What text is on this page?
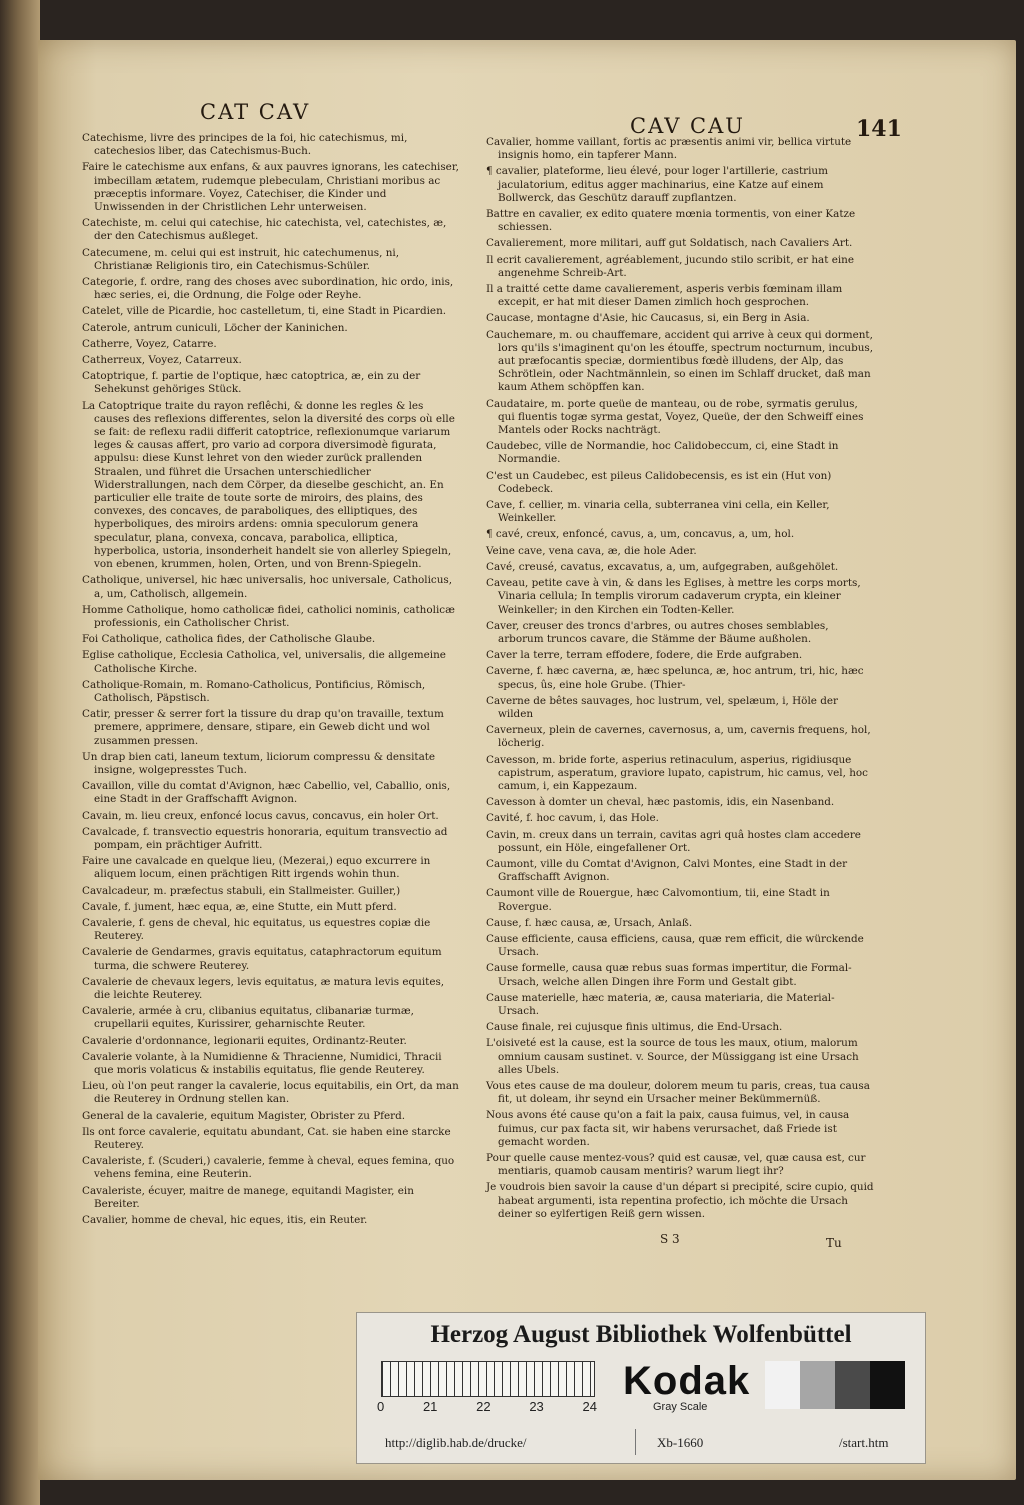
CAT CAV
CAV CAU	141

Catechisme, livre des principes de la foi, hic catechismus, mi, catechesios liber, das Catechismus-Buch.

Faire le catechisme aux enfans, & aux pauvres ignorans, les catechiser, imbecillam ætatem, rudemque plebeculam, Christiani moribus ac præceptis informare. Voyez, Catechiser, die Kinder und Unwissenden in der Christlichen Lehr unterweisen.

Catechiste, m. celui qui catechise, hic catechista, vel, catechistes, æ, der den Catechismus außleget.

Catecumene, m. celui qui est instruit, hic catechumenus, ni, Christianæ Religionis tiro, ein Catechismus-Schüler.

Categorie, f. ordre, rang des choses avec subordination, hic ordo, inis, hæc series, ei, die Ordnung, die Folge oder Reyhe.

Catelet, ville de Picardie, hoc castelletum, ti, eine Stadt in Picardien.

Caterole, antrum cuniculi, Löcher der Kaninichen.

Catherre, Voyez, Catarre.

Catherreux, Voyez, Catarreux.

Catoptrique, f. partie de l'optique, hæc catoptrica, æ, ein zu der Sehekunst gehöriges Stück.

La Catoptrique traite du rayon reflêchi, & donne les regles & les causes des reflexions differentes, selon la diversité des corps où elle se fait: de reflexu radii differit catoptrice, reflexionumque variarum leges & causas affert, pro vario ad corpora diversimodè figurata, appulsu: diese Kunst lehret von den wieder zurück prallenden Straalen, und führet die Ursachen unterschiedlicher Widerstrallungen, nach dem Cörper, da dieselbe geschicht, an. En particulier elle traite de toute sorte de miroirs, des plains, des convexes, des concaves, de paraboliques, des elliptiques, des hyperboliques, des miroirs ardens: omnia speculorum genera speculatur, plana, convexa, concava, parabolica, elliptica, hyperbolica, ustoria, insonderheit handelt sie von allerley Spiegeln, von ebenen, krummen, holen, Orten, und von Brenn-Spiegeln.

Catholique, universel, hic hæc universalis, hoc universale, Catholicus, a, um, Catholisch, allgemein.

Homme Catholique, homo catholicæ fidei, catholici nominis, catholicæ professionis, ein Catholischer Christ.

Foi Catholique, catholica fides, der Catholische Glaube.

Eglise catholique, Ecclesia Catholica, vel, universalis, die allgemeine Catholische Kirche.

Catholique-Romain, m. Romano-Catholicus, Pontificius, Römisch, Catholisch, Päpstisch.

Catir, presser & serrer fort la tissure du drap qu'on travaille, textum premere, apprimere, densare, stipare, ein Geweb dicht und wol zusammen pressen.

Un drap bien cati, laneum textum, liciorum compressu & densitate insigne, wolgepresstes Tuch.

Cavaillon, ville du comtat d'Avignon, hæc Cabellio, vel, Caballio, onis, eine Stadt in der Graffschafft Avignon.

Cavain, m. lieu creux, enfoncé locus cavus, concavus, ein holer Ort.

Cavalcade, f. transvectio equestris honoraria, equitum transvectio ad pompam, ein prächtiger Aufritt.

Faire une cavalcade en quelque lieu, (Mezerai,) equo excurrere in aliquem locum, einen prächtigen Ritt irgends wohin thun.

Cavalcadeur, m. præfectus stabuli, ein Stallmeister. Guiller,)

Cavale, f. jument, hæc equa, æ, eine Stutte, ein Mutt pferd.

Cavalerie, f. gens de cheval, hic equitatus, us equestres copiæ die Reuterey.

Cavalerie de Gendarmes, gravis equitatus, cataphractorum equitum turma, die schwere Reuterey.

Cavalerie de chevaux legers, levis equitatus, æ matura levis equites, die leichte Reuterey.

Cavalerie, armée à cru, clibanius equitatus, clibanariæ turmæ, crupellarii equites, Kurissirer, geharnischte Reuter.

Cavalerie d'ordonnance, legionarii equites, Ordinantz-Reuter.

Cavalerie volante, à la Numidienne & Thracienne, Numidici, Thracii que moris volaticus & instabilis equitatus, flie gende Reuterey.

Lieu, où l'on peut ranger la cavalerie, locus equitabilis, ein Ort, da man die Reuterey in Ordnung stellen kan.

General de la cavalerie, equitum Magister, Obrister zu Pferd.

Ils ont force cavalerie, equitatu abundant, Cat. sie haben eine starcke Reuterey.

Cavaleriste, f. (Scuderi,) cavalerie, femme à cheval, eques femina, quo vehens femina, eine Reuterin.

Cavaleriste, écuyer, maitre de manege, equitandi Magister, ein Bereiter.

Cavalier, homme de cheval, hic eques, itis, ein Reuter.

Cavalier, homme vaillant, fortis ac præsentis animi vir, bellica virtute insignis homo, ein tapferer Mann.

¶ cavalier, plateforme, lieu élevé, pour loger l'artillerie, castrium jaculatorium, editus agger machinarius, eine Katze auf einem Bollwerck, das Geschütz darauff zupflantzen.

Battre en cavalier, ex edito quatere mœnia tormentis, von einer Katze schiessen.

Cavalierement, more militari, auff gut Soldatisch, nach Cavaliers Art.

Il ecrit cavalierement, agréablement, jucundo stilo scribit, er hat eine angenehme Schreib-Art.

Il a traitté cette dame cavalierement, asperis verbis fœminam illam excepit, er hat mit dieser Damen zimlich hoch gesprochen.

Caucase, montagne d'Asie, hic Caucasus, si, ein Berg in Asia.

Cauchemare, m. ou chauffemare, accident qui arrive à ceux qui dorment, lors qu'ils s'imaginent qu'on les étouffe, spectrum nocturnum, incubus, aut præfocantis speciæ, dormientibus fœdè illudens, der Alp, das Schrötlein, oder Nachtmännlein, so einen im Schlaff drucket, daß man kaum Athem schöpffen kan.

Caudataire, m. porte queüe de manteau, ou de robe, syrmatis gerulus, qui fluentis togæ syrma gestat, Voyez, Queüe, der den Schweiff eines Mantels oder Rocks nachträgt.

Caudebec, ville de Normandie, hoc Calidobeccum, ci, eine Stadt in Normandie.

C'est un Caudebec, est pileus Calidobecensis, es ist ein (Hut von) Codebeck.

Cave, f. cellier, m. vinaria cella, subterranea vini cella, ein Keller, Weinkeller.

¶ cavé, creux, enfoncé, cavus, a, um, concavus, a, um, hol.

Veine cave, vena cava, æ, die hole Ader.

Cavé, creusé, cavatus, excavatus, a, um, aufgegraben, außgehölet.

Caveau, petite cave à vin, & dans les Eglises, à mettre les corps morts, Vinaria cellula; In templis virorum cadaverum crypta, ein kleiner Weinkeller; in den Kirchen ein Todten-Keller.

Caver, creuser des troncs d'arbres, ou autres choses semblables, arborum truncos cavare, die Stämme der Bäume außholen.

Caver la terre, terram effodere, fodere, die Erde aufgraben.

Caverne, f. hæc caverna, æ, hæc spelunca, æ, hoc antrum, tri, hic, hæc specus, ûs, eine hole Grube. (Thier-

Caverne de bêtes sauvages, hoc lustrum, vel, spelæum, i, Höle der wilden

Caverneux, plein de cavernes, cavernosus, a, um, cavernis frequens, hol, löcherig.

Cavesson, m. bride forte, asperius retinaculum, asperius, rigidiusque capistrum, asperatum, graviore lupato, capistrum, hic camus, vel, hoc camum, i, ein Kappezaum.

Cavesson à domter un cheval, hæc pastomis, idis, ein Nasenband.

Cavité, f. hoc cavum, i, das Hole.

Cavin, m. creux dans un terrain, cavitas agri quâ hostes clam accedere possunt, ein Höle, eingefallener Ort.

Caumont, ville du Comtat d'Avignon, Calvi Montes, eine Stadt in der Graffschafft Avignon.

Caumont ville de Rouergue, hæc Calvomontium, tii, eine Stadt in Rovergue.

Cause, f. hæc causa, æ, Ursach, Anlaß.

Cause efficiente, causa efficiens, causa, quæ rem efficit, die würckende Ursach.

Cause formelle, causa quæ rebus suas formas impertitur, die Formal-Ursach, welche allen Dingen ihre Form und Gestalt gibt.

Cause materielle, hæc materia, æ, causa materiaria, die Material-Ursach.

Cause finale, rei cujusque finis ultimus, die End-Ursach.

L'oisiveté est la cause, est la source de tous les maux, otium, malorum omnium causam sustinet. v. Source, der Müssiggang ist eine Ursach alles Ubels.

Vous etes cause de ma douleur, dolorem meum tu paris, creas, tua causa fit, ut doleam, ihr seynd ein Ursacher meiner Bekümmernüß.

Nous avons été cause qu'on a fait la paix, causa fuimus, vel, in causa fuimus, cur pax facta sit, wir habens verursachet, daß Friede ist gemacht worden.

Pour quelle cause mentez-vous? quid est causæ, vel, quæ causa est, cur mentiaris, quamob causam mentiris? warum liegt ihr?

Je voudrois bien savoir la cause d'un départ si precipité, scire cupio, quid habeat argumenti, ista repentina profectio, ich möchte die Ursach deiner so eylfertigen Reiß gern wissen.

S 3	Tu
Herzog August Bibliothek Wolfenbüttel
0	21	22	23	24
Kodak
Gray Scale
http://diglib.hab.de/drucke/	Xb-1660	/start.htm
